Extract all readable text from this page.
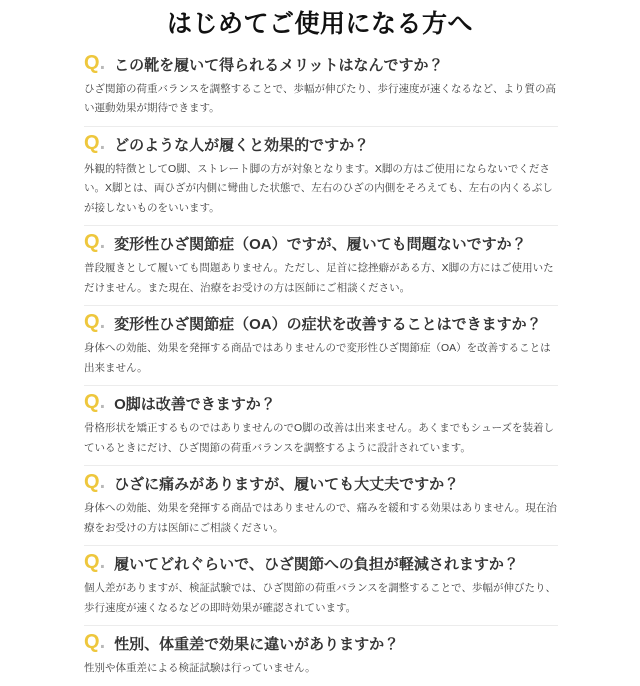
はじめてご使用になる方へ
Q. この靴を履いて得られるメリットはなんですか？

ひざ関節の荷重バランスを調整することで、歩幅が伸びたり、歩行速度が速くなるなど、より質の高い運動効果が期待できます。

Q. どのような人が履くと効果的ですか？

外観的特徴としてO脚、ストレート脚の方が対象となります。X脚の方はご使用にならないでください。X脚とは、両ひざが内側に彎曲した状態で、左右のひざの内側をそろえても、左右の内くるぶしが接しないものをいいます。

Q. 変形性ひざ関節症（OA）ですが、履いても問題ないですか？

普段履きとして履いても問題ありません。ただし、足首に捻挫癖がある方、X脚の方にはご使用いただけません。また現在、治療をお受けの方は医師にご相談ください。

Q. 変形性ひざ関節症（OA）の症状を改善することはできますか？

身体への効能、効果を発揮する商品ではありませんので変形性ひざ関節症（OA）を改善することは出来ません。

Q. O脚は改善できますか？

骨格形状を矯正するものではありませんのでO脚の改善は出来ません。あくまでもシューズを装着しているときにだけ、ひざ関節の荷重バランスを調整するように設計されています。

Q. ひざに痛みがありますが、履いても大丈夫ですか？

身体への効能、効果を発揮する商品ではありませんので、痛みを緩和する効果はありません。現在治療をお受けの方は医師にご相談ください。

Q. 履いてどれぐらいで、ひざ関節への負担が軽減されますか？

個人差がありますが、検証試験では、ひざ関節の荷重バランスを調整することで、歩幅が伸びたり、歩行速度が速くなるなどの即時効果が確認されています。

Q. 性別、体重差で効果に違いがありますか？

性別や体重差による検証試験は行っていません。
